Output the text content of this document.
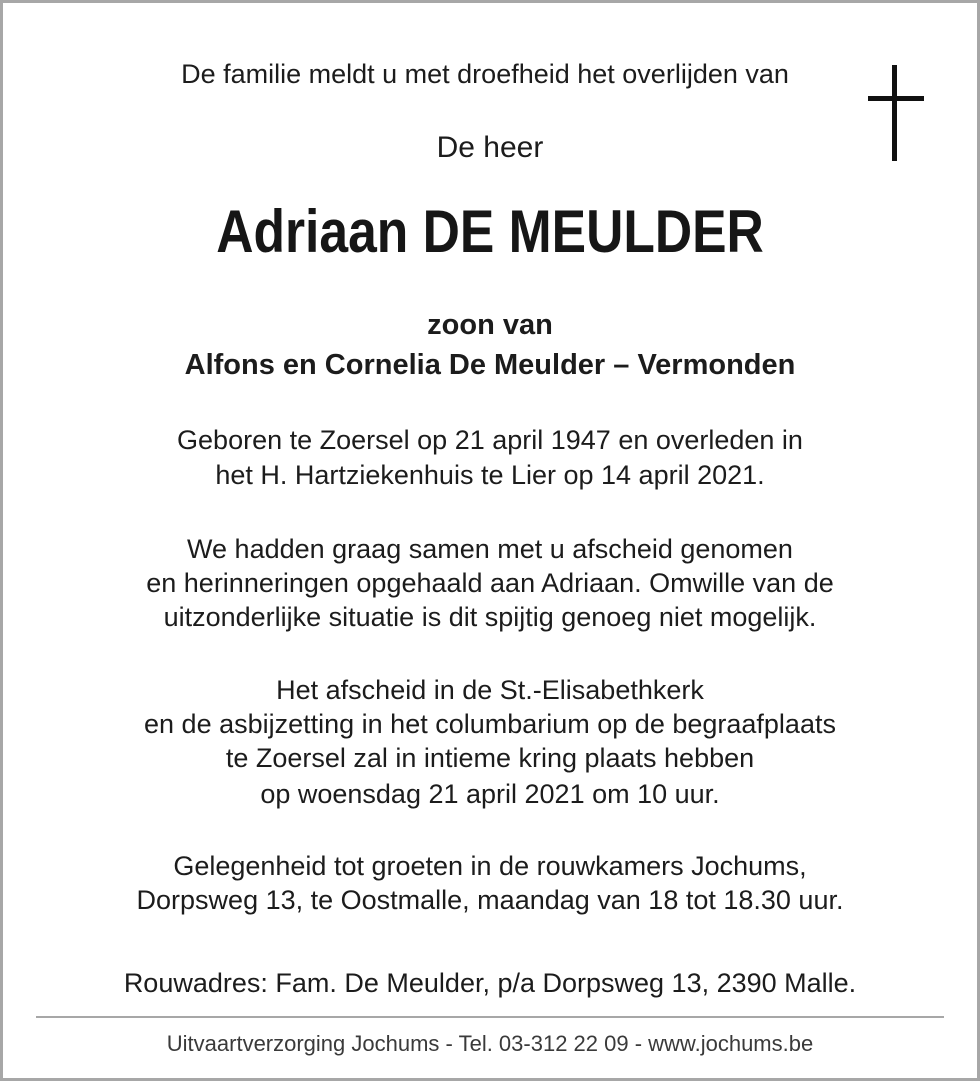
De familie meldt u met droefheid het overlijden van
De heer
Adriaan DE MEULDER
zoon van
Alfons en Cornelia De Meulder – Vermonden
Geboren te Zoersel op 21 april 1947 en overleden in
het H. Hartziekenhuis te Lier op 14 april 2021.
We hadden graag samen met u afscheid genomen
en herinneringen opgehaald aan Adriaan. Omwille van de
uitzonderlijke situatie is dit spijtig genoeg niet mogelijk.
Het afscheid in de St.-Elisabethkerk
en de asbijzetting in het columbarium op de begraafplaats
te Zoersel zal in intieme kring plaats hebben
op woensdag 21 april 2021 om 10 uur.
Gelegenheid tot groeten in de rouwkamers Jochums,
Dorpsweg 13, te Oostmalle, maandag van 18 tot 18.30 uur.
Rouwadres: Fam. De Meulder, p/a Dorpsweg 13, 2390 Malle.
Uitvaartverzorging Jochums - Tel. 03-312 22 09 - www.jochums.be
